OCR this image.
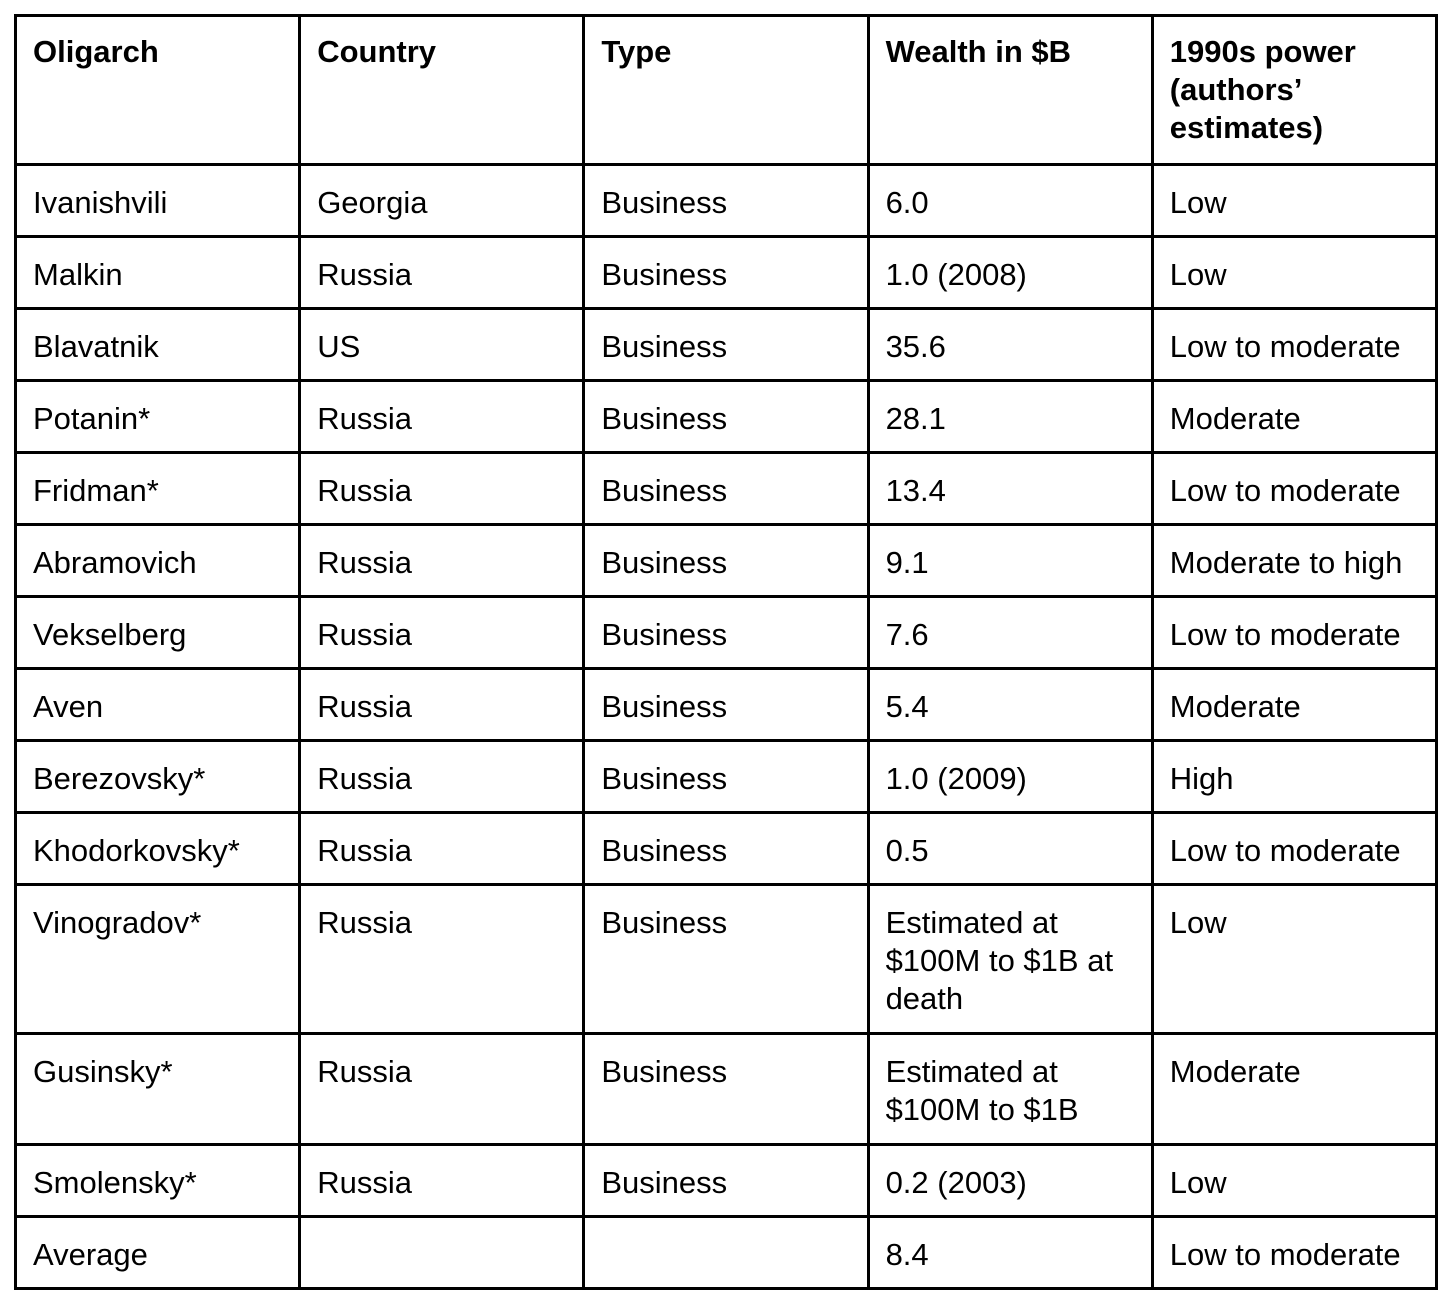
Oligarch	Country	Type	Wealth in $B	1990s power (authors’ estimates)
Ivanishvili	Georgia	Business	6.0	Low
Malkin	Russia	Business	1.0 (2008)	Low
Blavatnik	US	Business	35.6	Low to moderate
Potanin*	Russia	Business	28.1	Moderate
Fridman*	Russia	Business	13.4	Low to moderate
Abramovich	Russia	Business	9.1	Moderate to high
Vekselberg	Russia	Business	7.6	Low to moderate
Aven	Russia	Business	5.4	Moderate
Berezovsky*	Russia	Business	1.0 (2009)	High
Khodorkovsky*	Russia	Business	0.5	Low to moderate
Vinogradov*	Russia	Business	Estimated at $100M to $1B at death	Low
Gusinsky*	Russia	Business	Estimated at $100M to $1B	Moderate
Smolensky*	Russia	Business	0.2 (2003)	Low
Average			8.4	Low to moderate
